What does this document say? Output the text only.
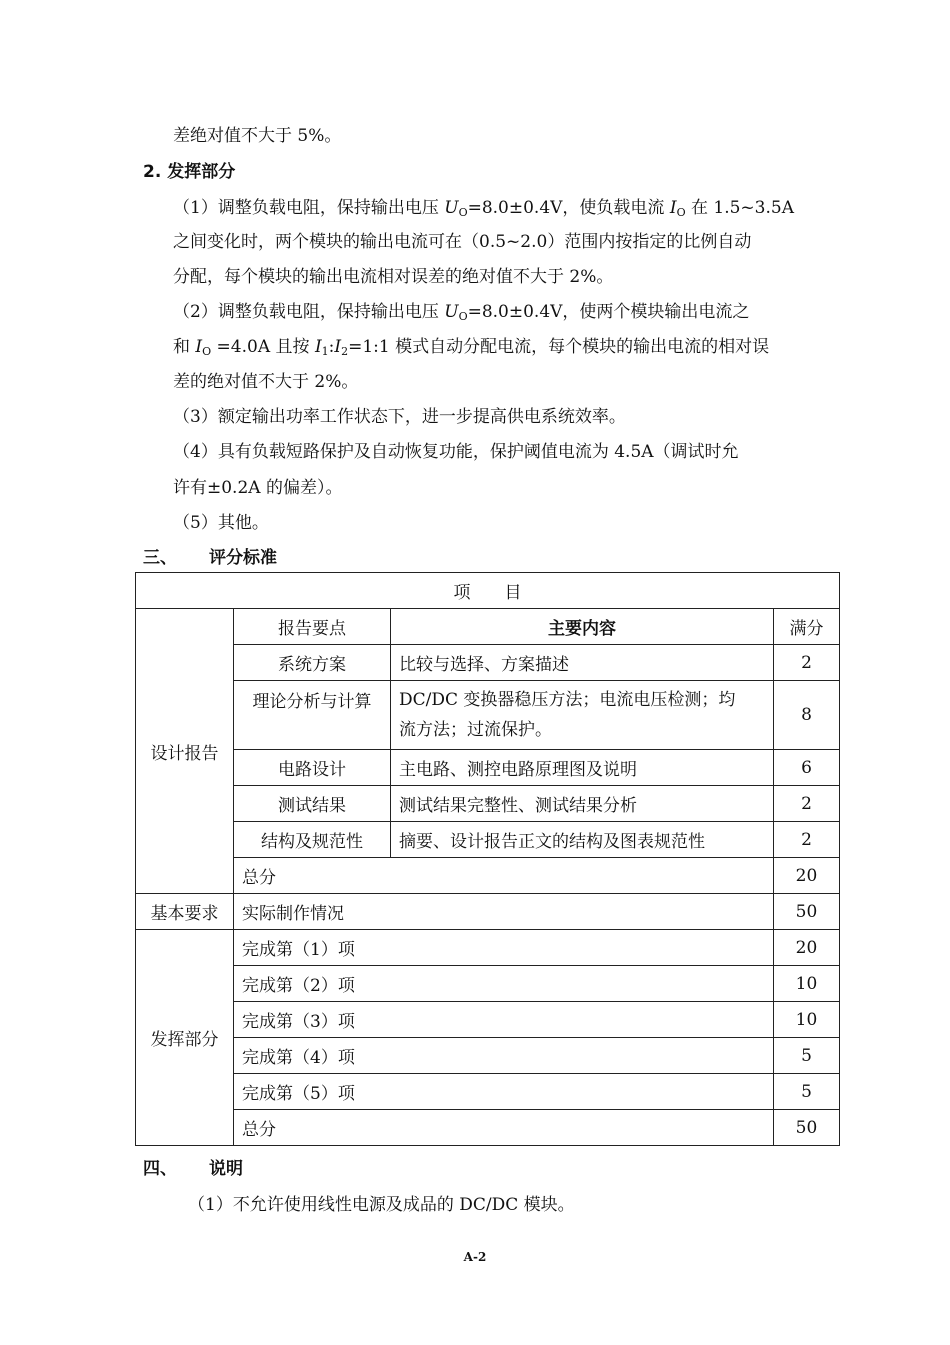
差绝对值不大于 5%。
2. 发挥部分
（1）调整负载电阻，保持输出电压 $U_O=8.0\pm 0.4V$，使负载电流 $I_O$ 在 1.5~3.5A
之间变化时，两个模块的输出电流可在（0.5~2.0）范围内按指定的比例自动
分配，每个模块的输出电流相对误差的绝对值不大于 2%。
（2）调整负载电阻，保持输出电压 $U_O=8.0\pm 0.4V$，使两个模块输出电流之
和 $I_O =4.0A$ 且按 $I_1:I_2=1:1$ 模式自动分配电流，每个模块的输出电流的相对误
差的绝对值不大于 2%。
（3）额定输出功率工作状态下，进一步提高供电系统效率。
（4）具有负载短路保护及自动恢复功能，保护阈值电流为 4.5A（调试时允
许有±0.2A 的偏差）。
（5）其他。
三、 评分标准
项　　目			
设计报告	报告要点	主要内容	满分
	系统方案	比较与选择、方案描述	2
	理论分析与计算	DC/DC 变换器稳压方法；电流电压检测；均
流方法；过流保护。	8
	电路设计	主电路、测控电路原理图及说明	6
	测试结果	测试结果完整性、测试结果分析	2
	结构及规范性	摘要、设计报告正文的结构及图表规范性	2
	总分		20
基本要求	实际制作情况		50
发挥部分	完成第（1）项		20
	完成第（2）项		10
	完成第（3）项		10
	完成第（4）项		5
	完成第（5）项		5
	总分		50
四、 说明
（1）不允许使用线性电源及成品的 DC/DC 模块。
A-2
